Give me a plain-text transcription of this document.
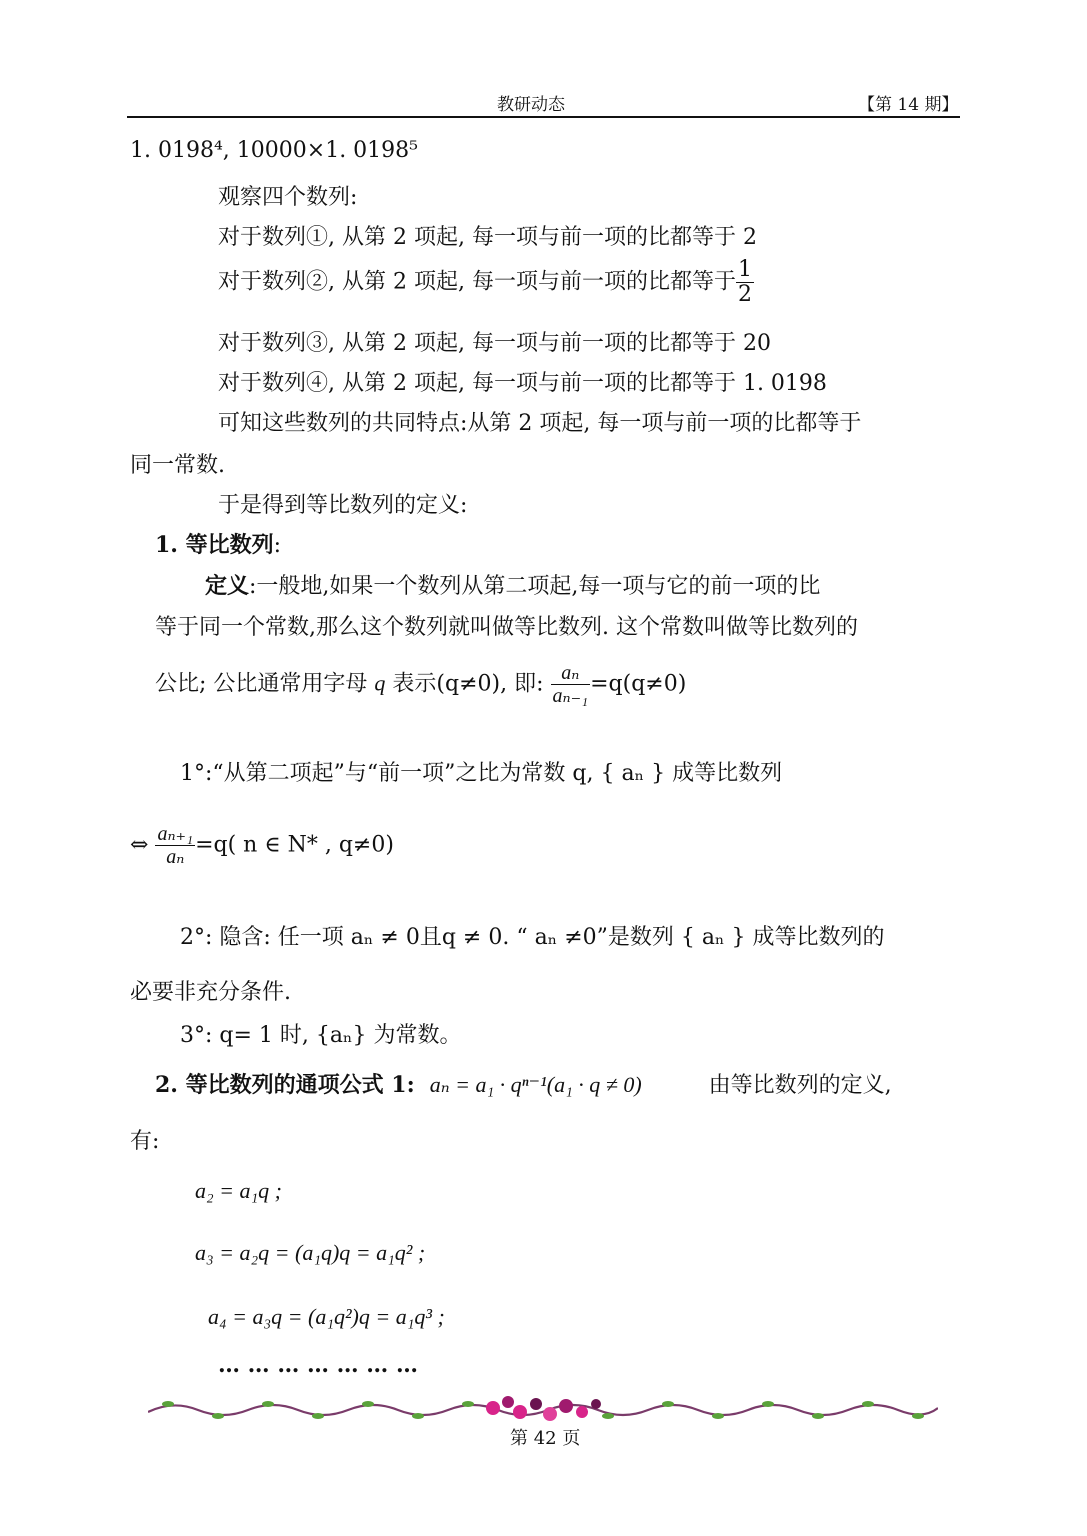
教研动态	【第 14 期】
1. 0198⁴, 10000×1. 0198⁵
观察四个数列:
对于数列①, 从第 2 项起, 每一项与前一项的比都等于 2
对于数列②, 从第 2 项起, 每一项与前一项的比都等于 $\frac{1}{2}$
对于数列③, 从第 2 项起, 每一项与前一项的比都等于 20
对于数列④, 从第 2 项起, 每一项与前一项的比都等于 1. 0198
可知这些数列的共同特点:从第 2 项起, 每一项与前一项的比都等于
同一常数.
于是得到等比数列的定义:
1. 等比数列:
定义:一般地,如果一个数列从第二项起,每一项与它的前一项的比
等于同一个常数,那么这个数列就叫做等比数列. 这个常数叫做等比数列的
公比; 公比通常用字母 q 表示(q≠0), 即: $\frac{\text{aₙ}}{\text{aₙ₋₁}} =q(q\ne 0)$
1°:“从第二项起”与“前一项”之比为常数 q, { aₙ } 成等比数列
⇔ $\frac{\text{aₙ₊₁}}{\text{aₙ}} =q$( n ∈ N* , q≠0)
2°: 隐含: 任一项 aₙ ≠ 0且q ≠ 0. “ aₙ ≠0”是数列 { aₙ } 成等比数列的
必要非充分条件.
3°: q= 1 时, {aₙ} 为常数。
2. 等比数列的通项公式 1: aₙ = a₁ · qⁿ⁻¹(a₁ · q ≠ 0)	由等比数列的定义,
有:
a₂ = a₁q ;
a₃ = a₂q = (a₁q)q = a₁q² ;
a₄ = a₃q = (a₁q²)q = a₁q³ ;
… … … … … … …
第 42 页
